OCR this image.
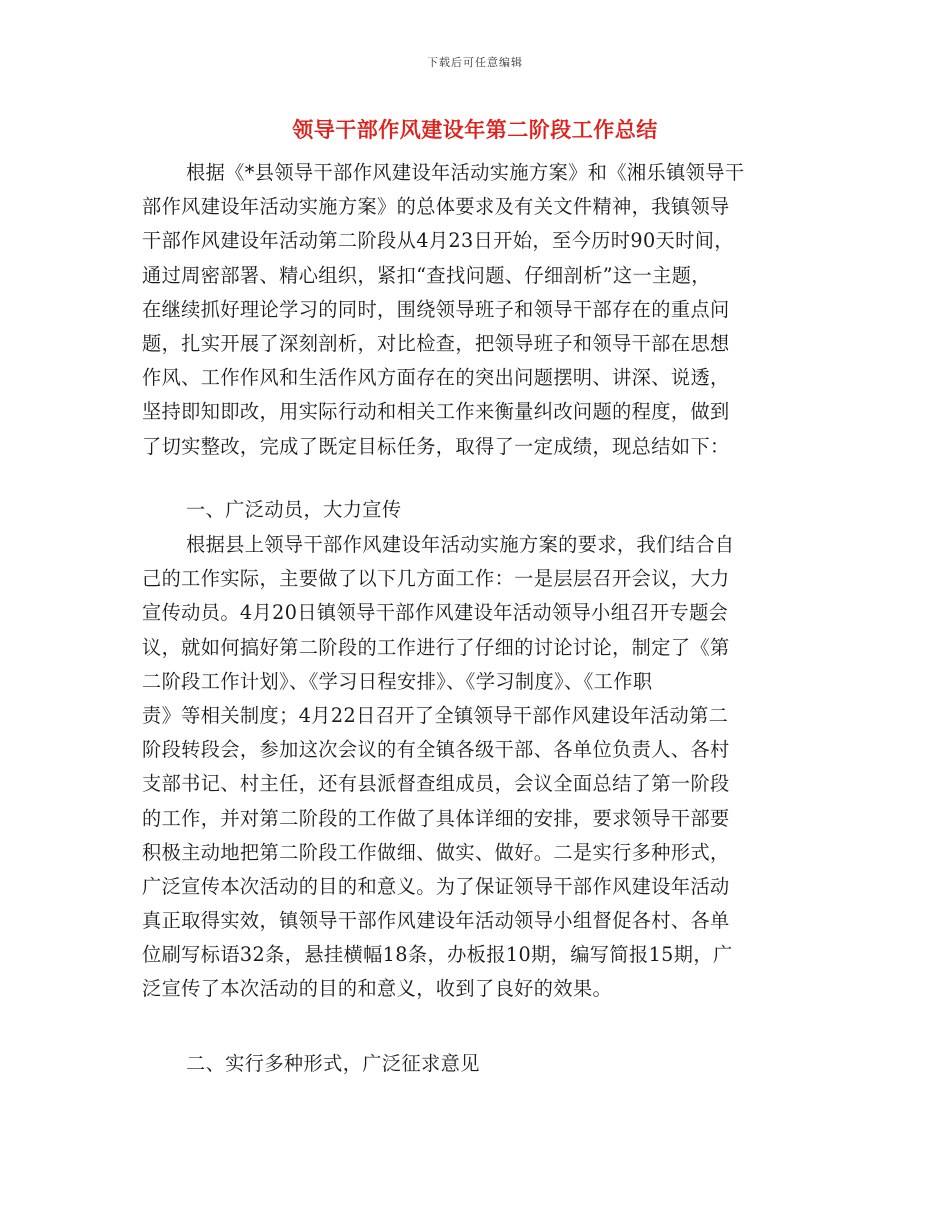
下载后可任意编辑
领导干部作风建设年第二阶段工作总结
根据《*县领导干部作风建设年活动实施方案》和《湘乐镇领导干
部作风建设年活动实施方案》的总体要求及有关文件精神，我镇领导
干部作风建设年活动第二阶段从4月23日开始，至今历时90天时间，
通过周密部署、精心组织，紧扣“查找问题、仔细剖析”这一主题，
在继续抓好理论学习的同时，围绕领导班子和领导干部存在的重点问
题，扎实开展了深刻剖析，对比检查，把领导班子和领导干部在思想
作风、工作作风和生活作风方面存在的突出问题摆明、讲深、说透，
坚持即知即改，用实际行动和相关工作来衡量纠改问题的程度，做到
了切实整改，完成了既定目标任务，取得了一定成绩，现总结如下：
一、广泛动员，大力宣传
根据县上领导干部作风建设年活动实施方案的要求，我们结合自
己的工作实际，主要做了以下几方面工作：一是层层召开会议，大力
宣传动员。4月20日镇领导干部作风建设年活动领导小组召开专题会
议，就如何搞好第二阶段的工作进行了仔细的讨论讨论，制定了《第
二阶段工作计划》、《学习日程安排》、《学习制度》、《工作职
责》等相关制度；4月22日召开了全镇领导干部作风建设年活动第二
阶段转段会，参加这次会议的有全镇各级干部、各单位负责人、各村
支部书记、村主任，还有县派督查组成员，会议全面总结了第一阶段
的工作，并对第二阶段的工作做了具体详细的安排，要求领导干部要
积极主动地把第二阶段工作做细、做实、做好。二是实行多种形式，
广泛宣传本次活动的目的和意义。为了保证领导干部作风建设年活动
真正取得实效，镇领导干部作风建设年活动领导小组督促各村、各单
位刷写标语32条，悬挂横幅18条，办板报10期，编写简报15期，广
泛宣传了本次活动的目的和意义，收到了良好的效果。
二、实行多种形式，广泛征求意见
